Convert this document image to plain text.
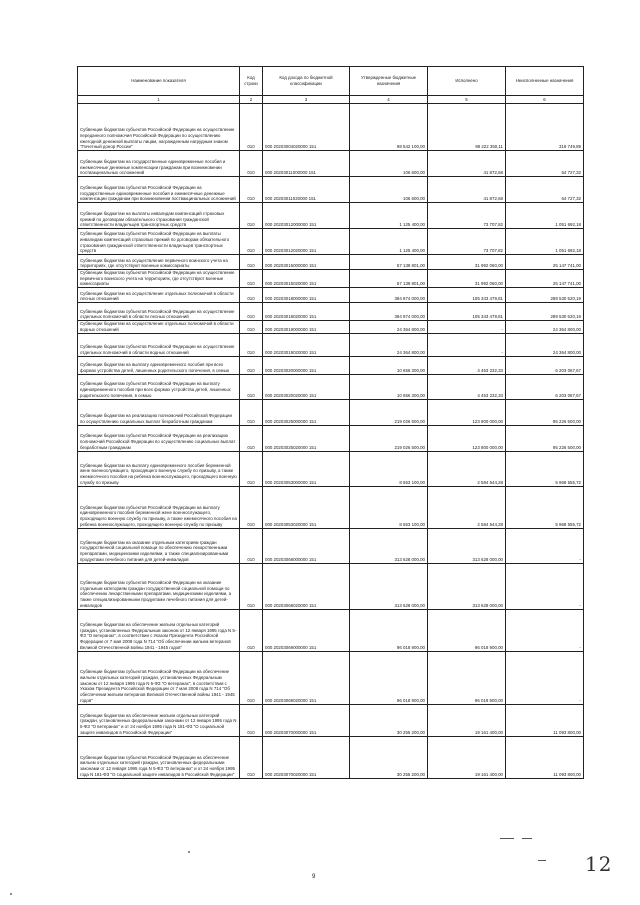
Наименование показателя	Код строки	Код дохода по бюджетной классификации	Утвержденные бюджетные назначения	Исполнено	Неисполненные назначения
1	2	3	4	5	6
Субвенции бюджетам субъектов Российской Федерации на осуществление переданного полномочия Российской Федерации по осуществлению ежегодной денежной выплаты лицам, награжденным нагрудным знаком "Почетный донор России"	010	000 20203004020000 151	98 542 100,00	98 222 350,11	319 749,89
Субвенции бюджетам на государственные единовременные пособия и ежемесячные денежные компенсации гражданам при возникновении поствакцинальных осложнений	010	000 20203011000000 151	106 600,00	41 872,68	64 727,32
Субвенции бюджетам субъектов Российской Федерации на государственные единовременные пособия и ежемесячные денежные компенсации гражданам при возникновении поствакцинальных осложнений	010	000 20203011020000 151	106 600,00	41 872,68	64 727,32
Субвенции бюджетам на выплаты инвалидам компенсаций страховых премий по договорам обязательного страхования гражданской ответственности владельцев транспортных средств	010	000 20203012000000 151	1 125 400,00	73 707,82	1 051 692,18
Субвенции бюджетам субъектов Российской Федерации на выплаты инвалидам компенсаций страховых премий по договорам обязательного страхования гражданской ответственности владельцев транспортных средств	010	000 20203012020000 151	1 125 400,00	73 707,82	1 051 692,18
Субвенции бюджетам на осуществление первичного воинского учета на территориях, где отсутствуют военные комиссариаты	010	000 20203015000000 151	57 139 801,00	31 992 060,00	25 147 741,00
Субвенции бюджетам субъектов Российской Федерации на осуществление первичного воинского учета на территориях, где отсутствуют военные комиссариаты	010	000 20203015020000 151	57 139 801,00	31 992 060,00	25 147 741,00
Субвенции бюджетам на осуществление отдельных полномочий в области лесных отношений	010	000 20203018000000 151	394 874 000,00	105 343 479,81	289 530 520,19
Субвенции бюджетам субъектов Российской Федерации на осуществление отдельных полномочий в области лесных отношений	010	000 20203018020000 151	394 874 000,00	105 343 479,81	289 530 520,19
Субвенции бюджетам на осуществление отдельных полномочий в области водных отношений	010	000 20203019000000 151	24 364 800,00	-	24 364 800,00
Субвенции бюджетам субъектов Российской Федерации на осуществление отдельных полномочий в области водных отношений	010	000 20203019020000 151	24 364 800,00	-	24 364 800,00
Субвенции бюджетам на выплату единовременного пособия при всех формах устройства детей, лишенных родительского попечения, в семью	010	000 20203020000000 151	10 656 300,00	4 453 232,33	6 203 067,67
Субвенции бюджетам субъектов Российской Федерации на выплату единовременного пособия при всех формах устройства детей, лишенных родительского попечения, в семью	010	000 20203020020000 151	10 656 300,00	4 453 232,33	6 203 067,67
Субвенции бюджетам на реализацию полномочий Российской Федерации по осуществлению социальных выплат безработным гражданам	010	000 20203025000000 151	219 026 500,00	123 800 000,00	95 226 500,00
Субвенции бюджетам субъектов Российской Федерации на реализацию полномочий Российской Федерации по осуществлению социальных выплат безработным гражданам	010	000 20203025020000 151	219 026 500,00	123 800 000,00	95 226 500,00
Субвенции бюджетам на выплату единовременного пособия беременной жене военнослужащего, проходящего военную службу по призыву, а также ежемесячного пособия на ребенка военнослужащего, проходящего военную службу по призыву	010	000 20203053000000 151	8 553 100,00	2 584 544,28	5 968 555,72
Субвенции бюджетам субъектов Российской Федерации на выплату единовременного пособия беременной жене военнослужащего, проходящего военную службу по призыву, а также ежемесячного пособия на ребенка военнослужащего, проходящего военную службу по призыву	010	000 20203053020000 151	8 553 100,00	2 584 544,28	5 968 555,72
Субвенции бюджетам на оказание отдельным категориям граждан государственной социальной помощи по обеспечению лекарственными препаратами, медицинскими изделиями, а также специализированными продуктами лечебного питания для детей-инвалидов	010	000 20203068000000 151	313 628 000,00	313 628 000,00	-
Субвенции бюджетам субъектов Российской Федерации на оказание отдельным категориям граждан государственной социальной помощи по обеспечению лекарственными препаратами, медицинскими изделиями, а также специализированными продуктами лечебного питания для детей-инвалидов	010	000 20203068020000 151	313 628 000,00	313 628 000,00	-
Субвенции бюджетам на обеспечение жильем отдельных категорий граждан, установленных Федеральным законом от 12 января 1995 года N 5-ФЗ "О ветеранах", в соответствии с Указом Президента Российской Федерации от 7 мая 2008 года N 714 "Об обеспечении жильем ветеранов Великой Отечественной войны 1941 - 1945 годов"	010	000 20203069000000 151	96 018 900,00	96 018 900,00	-
Субвенции бюджетам субъектов Российской Федерации на обеспечение жильем отдельных категорий граждан, установленных Федеральным законом от 12 января 1995 года N 5-ФЗ "О ветеранах", в соответствии с Указом Президента Российской Федерации от 7 мая 2008 года N 714 "Об обеспечении жильем ветеранов Великой Отечественной войны 1941 - 1945 годов"	010	000 20203069020000 151	96 018 900,00	96 018 900,00	-
Субвенции бюджетам на обеспечение жильем отдельных категорий граждан, установленных федеральными законами от 12 января 1995 года N 5-ФЗ "О ветеранах" и от 24 ноября 1995 года N 181-ФЗ "О социальной защите инвалидов в Российской Федерации"	010	000 20203070000000 151	30 255 200,00	19 161 400,00	11 093 800,00
Субвенции бюджетам субъектов Российской Федерации на обеспечение жильем отдельных категорий граждан, установленных федеральными законами от 12 января 1995 года N 5-ФЗ "О ветеранах" и от 24 ноября 1995 года N 181-ФЗ "О социальной защите инвалидов в Российской Федерации"	010	000 20203070020000 151	30 255 200,00	19 161 400,00	11 093 800,00
9
12
